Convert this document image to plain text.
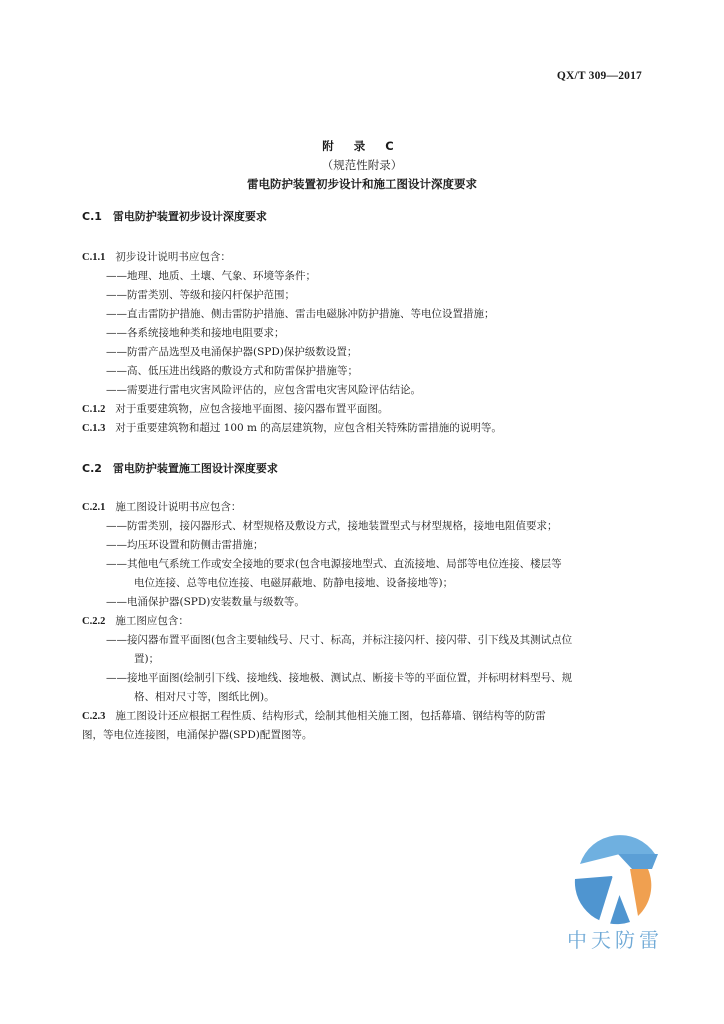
QX/T 309—2017
附 录 C
（规范性附录）
雷电防护装置初步设计和施工图设计深度要求
C.1　雷电防护装置初步设计深度要求
C.1.1 初步设计说明书应包含：
——地理、地质、土壤、气象、环境等条件；
——防雷类别、等级和接闪杆保护范围；
——直击雷防护措施、侧击雷防护措施、雷击电磁脉冲防护措施、等电位设置措施；
——各系统接地种类和接地电阻要求；
——防雷产品选型及电涌保护器(SPD)保护级数设置；
——高、低压进出线路的敷设方式和防雷保护措施等；
——需要进行雷电灾害风险评估的，应包含雷电灾害风险评估结论。
C.1.2 对于重要建筑物，应包含接地平面图、接闪器布置平面图。
C.1.3 对于重要建筑物和超过 100 m 的高层建筑物，应包含相关特殊防雷措施的说明等。
C.2　雷电防护装置施工图设计深度要求
C.2.1 施工图设计说明书应包含：
——防雷类别，接闪器形式、材型规格及敷设方式，接地装置型式与材型规格，接地电阻值要求；
——均压环设置和防侧击雷措施；
——其他电气系统工作或安全接地的要求(包含电源接地型式、直流接地、局部等电位连接、楼层等
电位连接、总等电位连接、电磁屏蔽地、防静电接地、设备接地等)；
——电涌保护器(SPD)安装数量与级数等。
C.2.2 施工图应包含：
——接闪器布置平面图(包含主要轴线号、尺寸、标高，并标注接闪杆、接闪带、引下线及其测试点位
置)；
——接地平面图(绘制引下线、接地线、接地极、测试点、断接卡等的平面位置，并标明材料型号、规
格、相对尺寸等，图纸比例)。
C.2.3 施工图设计还应根据工程性质、结构形式，绘制其他相关施工图，包括幕墙、钢结构等的防雷
图，等电位连接图，电涌保护器(SPD)配置图等。
中天防雷
